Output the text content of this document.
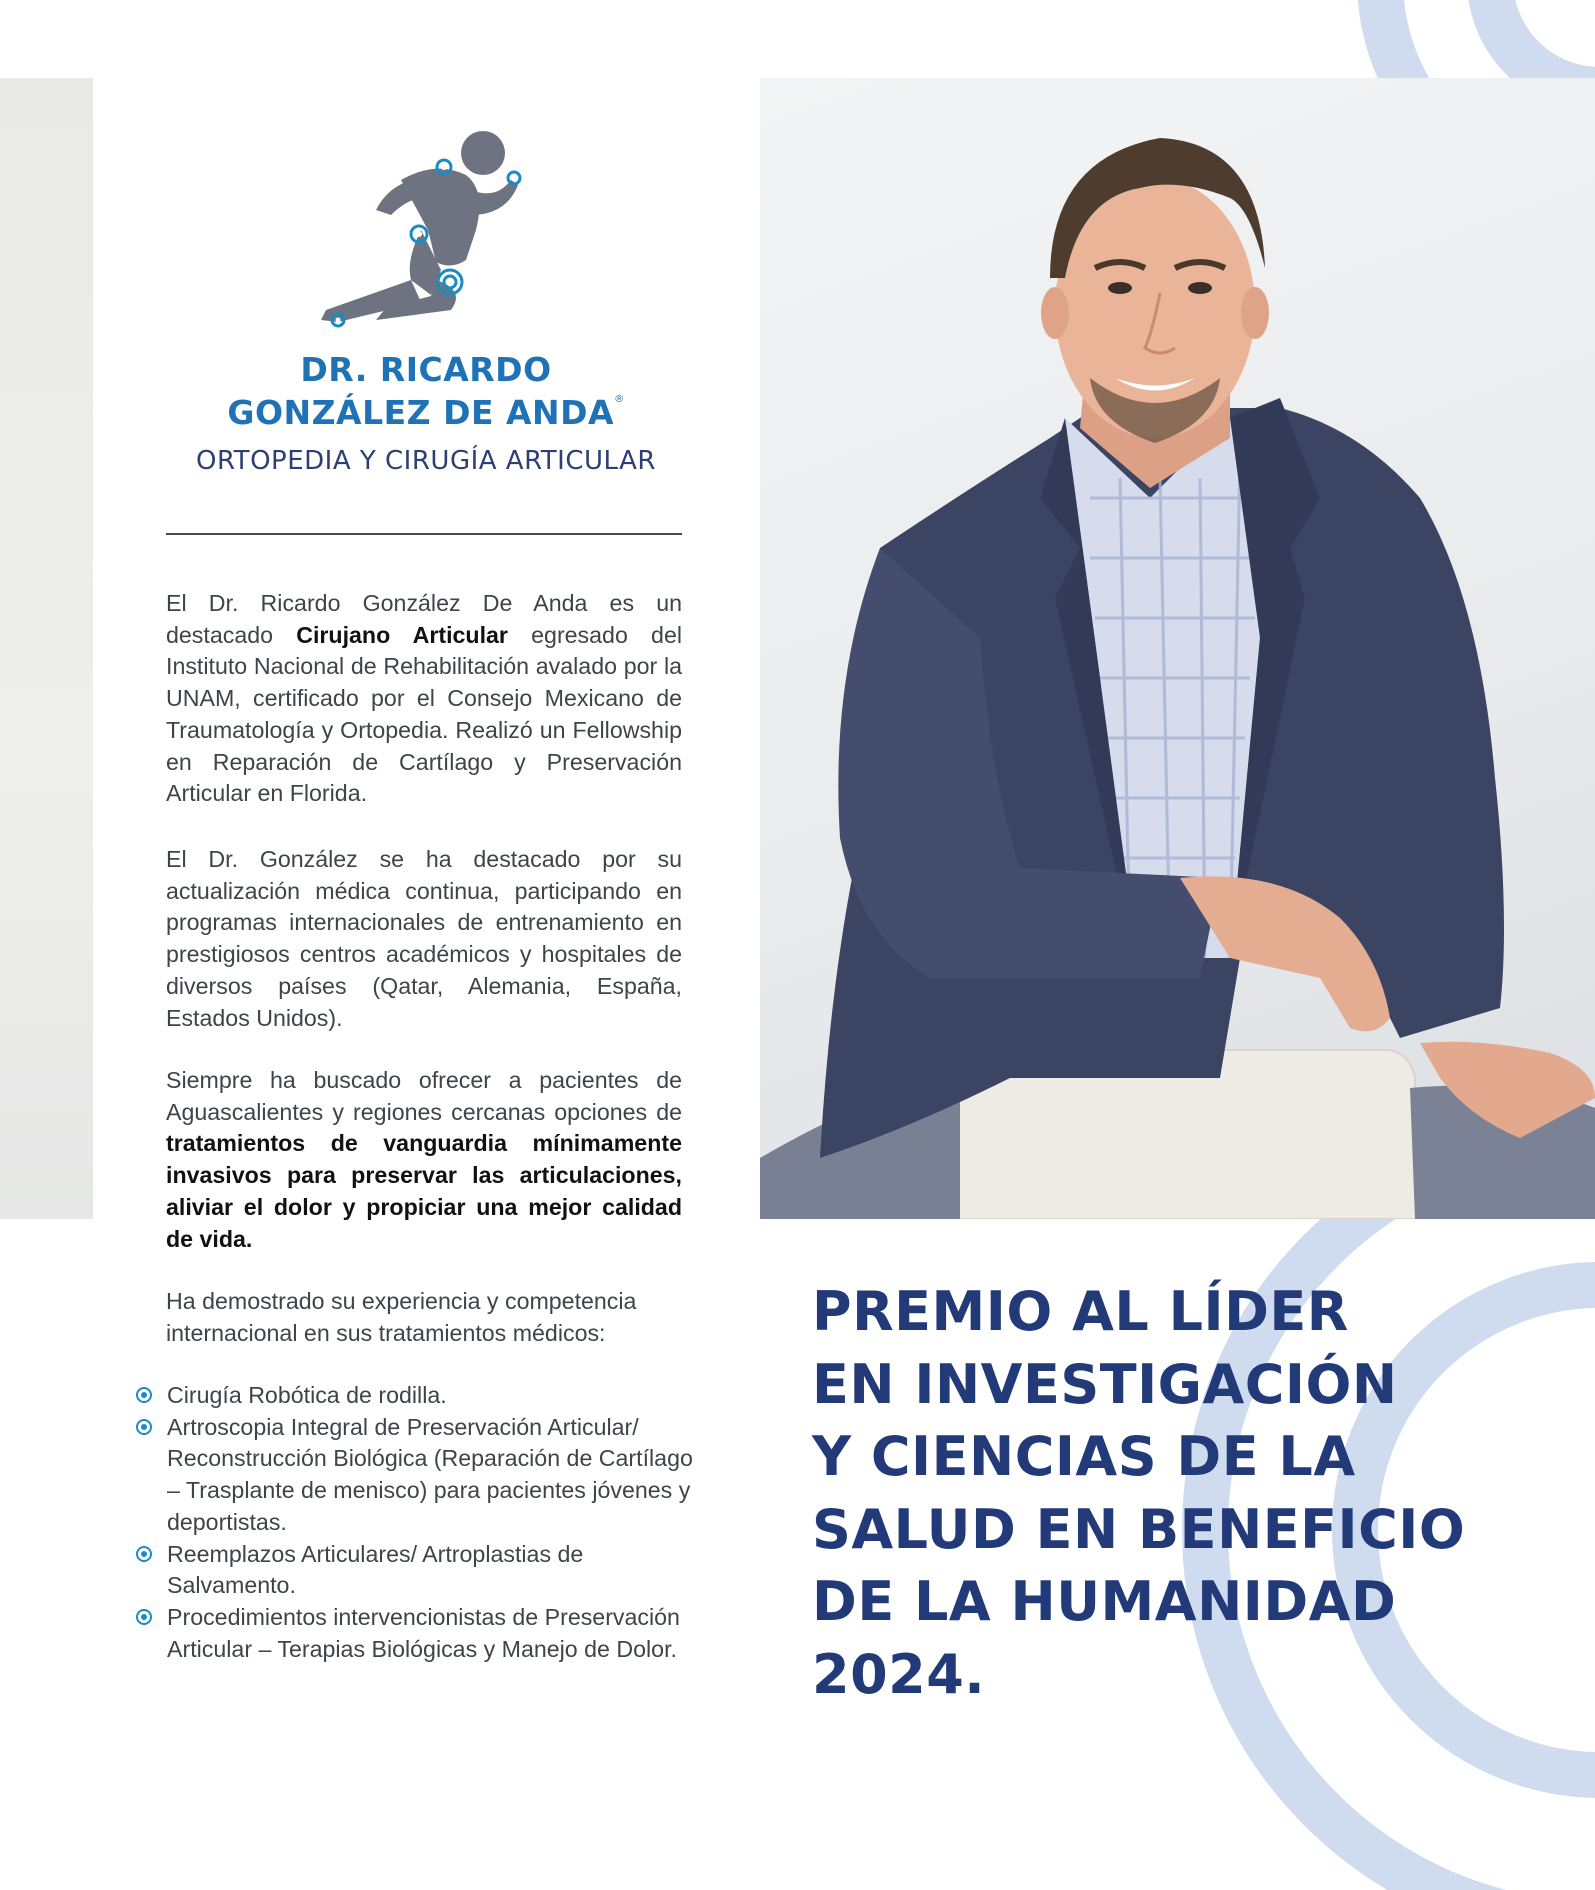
DR. RICARDO
GONZÁLEZ DE ANDA®
ORTOPEDIA Y CIRUGÍA ARTICULAR

El Dr. Ricardo González De Anda es un destacado Cirujano Articular egresado del Instituto Nacional de Rehabilitación avalado por la UNAM, certificado por el Consejo Mexicano de Traumatología y Ortopedia. Realizó un Fellowship en Reparación de Cartílago y Preservación Articular en Florida.

El Dr. González se ha destacado por su actualización médica continua, participando en programas internacionales de entrenamiento en prestigiosos centros académicos y hospitales de diversos países (Qatar, Alemania, España, Estados Unidos).

Siempre ha buscado ofrecer a pacientes de Aguascalientes y regiones cercanas opciones de tratamientos de vanguardia mínimamente invasivos para preservar las articulaciones, aliviar el dolor y propiciar una mejor calidad de vida.

Ha demostrado su experiencia y competencia internacional en sus tratamientos médicos:

Cirugía Robótica de rodilla.
Artroscopia Integral de Preservación Articular/ Reconstrucción Biológica (Reparación de Cartílago – Trasplante de menisco) para pacientes jóvenes y deportistas.
Reemplazos Articulares/ Artroplastias de Salvamento.
Procedimientos intervencionistas de Preservación Articular – Terapias Biológicas y Manejo de Dolor.
PREMIO AL LÍDER
EN INVESTIGACIÓN
Y CIENCIAS DE LA
SALUD EN BENEFICIO
DE LA HUMANIDAD
2024.
